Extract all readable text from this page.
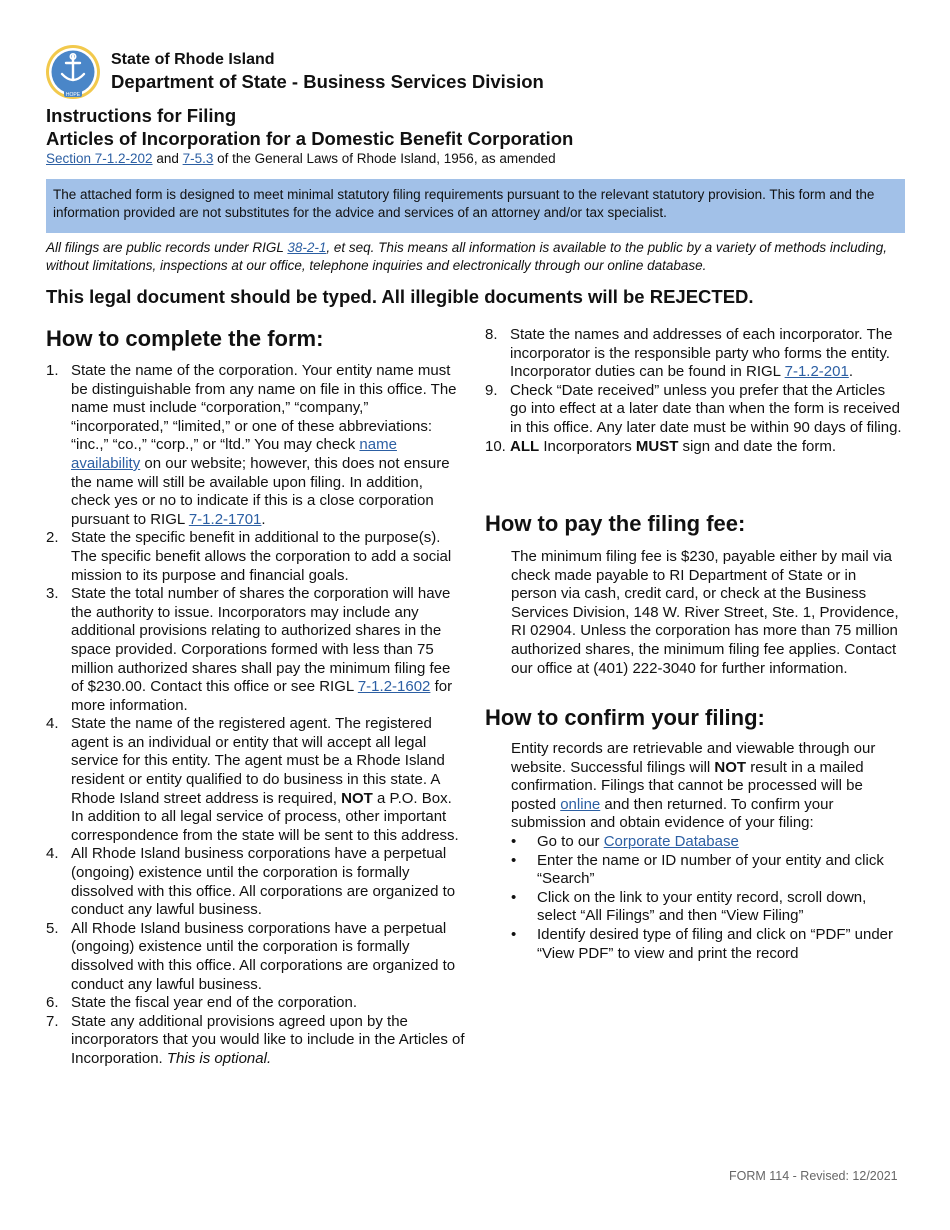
HOPE
State of Rhode Island
Department of State - Business Services Division
Instructions for Filing
Articles of Incorporation for a Domestic Benefit Corporation
Section 7-1.2-202 and 7-5.3 of the General Laws of Rhode Island, 1956, as amended
The attached form is designed to meet minimal statutory filing requirements pursuant to the relevant statutory provision. This form and the information provided are not substitutes for the advice and services of an attorney and/or tax specialist.
All filings are public records under RIGL 38-2-1, et seq. This means all information is available to the public by a variety of methods including, without limitations, inspections at our office, telephone inquiries and electronically through our online database.
This legal document should be typed. All illegible documents will be REJECTED.
How to complete the form:
1. State the name of the corporation. Your entity name must be distinguishable from any name on file in this office. The name must include “corporation,” “company,” “incorporated,” “limited,” or one of these abbreviations: “inc.,” “co.,” “corp.,” or “ltd.” You may check name availability on our website; however, this does not ensure the name will still be available upon filing. In addition, check yes or no to indicate if this is a close corporation pursuant to RIGL 7-1.2-1701.
2. State the specific benefit in additional to the purpose(s). The specific benefit allows the corporation to add a social mission to its purpose and financial goals.
3. State the total number of shares the corporation will have the authority to issue. Incorporators may include any additional provisions relating to authorized shares in the space provided. Corporations formed with less than 75 million authorized shares shall pay the minimum filing fee of $230.00. Contact this office or see RIGL 7-1.2-1602 for more information.
4. State the name of the registered agent. The registered agent is an individual or entity that will accept all legal service for this entity. The agent must be a Rhode Island resident or entity qualified to do business in this state. A Rhode Island street address is required, NOT a P.O. Box. In addition to all legal service of process, other important correspondence from the state will be sent to this address.
4. All Rhode Island business corporations have a perpetual (ongoing) existence until the corporation is formally dissolved with this office. All corporations are organized to conduct any lawful business.
5. All Rhode Island business corporations have a perpetual (ongoing) existence until the corporation is formally dissolved with this office. All corporations are organized to conduct any lawful business.
6. State the fiscal year end of the corporation.
7. State any additional provisions agreed upon by the incorporators that you would like to include in the Articles of Incorporation. This is optional.
8. State the names and addresses of each incorporator. The incorporator is the responsible party who forms the entity. Incorporator duties can be found in RIGL 7-1.2-201.
9. Check “Date received” unless you prefer that the Articles go into effect at a later date than when the form is received in this office. Any later date must be within 90 days of filing.
10. ALL Incorporators MUST sign and date the form.
How to pay the filing fee:
The minimum filing fee is $230, payable either by mail via check made payable to RI Department of State or in person via cash, credit card, or check at the Business Services Division, 148 W. River Street, Ste. 1, Providence, RI 02904. Unless the corporation has more than 75 million authorized shares, the minimum filing fee applies. Contact our office at (401) 222-3040 for further information.
How to confirm your filing:
Entity records are retrievable and viewable through our website. Successful filings will NOT result in a mailed confirmation. Filings that cannot be processed will be posted online and then returned. To confirm your submission and obtain evidence of your filing:
• Go to our Corporate Database
• Enter the name or ID number of your entity and click “Search”
• Click on the link to your entity record, scroll down, select “All Filings” and then “View Filing”
• Identify desired type of filing and click on “PDF” under “View PDF” to view and print the record
FORM 114 - Revised: 12/2021
